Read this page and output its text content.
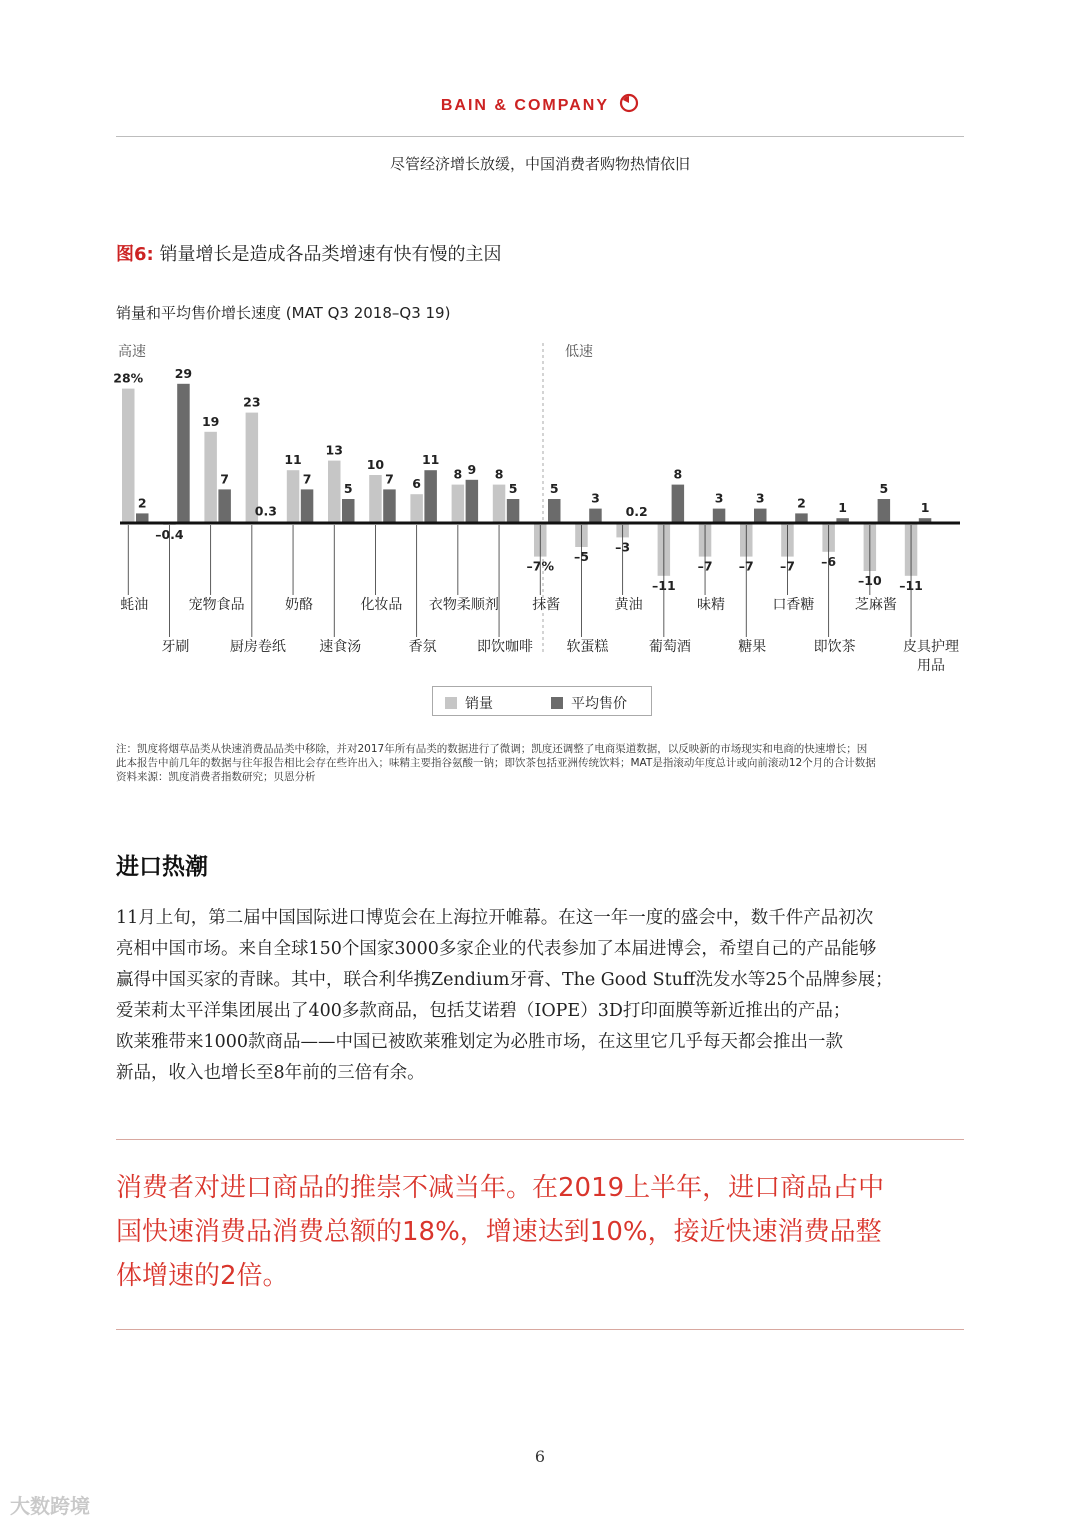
BAIN & COMPANY
尽管经济增长放缓，中国消费者购物热情依旧
图6: 销量增长是造成各品类增速有快有慢的主因
销量和平均售价增长速度 (MAT Q3 2018–Q3 19)
高速	低速
28%
2
蚝油
–0.4
29
牙刷
19
7
宠物食品
23
0.3
厨房卷纸
11
7
奶酪
13
5
速食汤
10
7
化妆品
6
11
香氛
8 9
衣物柔顺剂
8
5
即饮咖啡
–7%
5
抹酱
–5
3
软蛋糕
–3
0.2
黄油
–11
8
葡萄酒
–7
3
味精
–7
3
糖果
–7
2
口香糖
–6
1
即饮茶
–10
5
芝麻酱
–11
1
皮具护理
用品
销量	平均售价
注：凯度将烟草品类从快速消费品品类中移除，并对2017年所有品类的数据进行了微调；凯度还调整了电商渠道数据，以反映新的市场现实和电商的快速增长；因
此本报告中前几年的数据与往年报告相比会存在些许出入；味精主要指谷氨酸一钠；即饮茶包括亚洲传统饮料；MAT是指滚动年度总计或向前滚动12个月的合计数据
资料来源：凯度消费者指数研究；贝恩分析
进口热潮
11月上旬，第二届中国国际进口博览会在上海拉开帷幕。在这一年一度的盛会中，数千件产品初次
亮相中国市场。来自全球150个国家3000多家企业的代表参加了本届进博会，希望自己的产品能够
赢得中国买家的青睐。其中，联合利华携Zendium牙膏、The Good Stuff洗发水等25个品牌参展；
爱茉莉太平洋集团展出了400多款商品，包括艾诺碧（IOPE）3D打印面膜等新近推出的产品；
欧莱雅带来1000款商品——中国已被欧莱雅划定为必胜市场，在这里它几乎每天都会推出一款
新品，收入也增长至8年前的三倍有余。
消费者对进口商品的推崇不减当年。在2019上半年，进口商品占中
国快速消费品消费总额的18%，增速达到10%，接近快速消费品整
体增速的2倍。
6
大数跨境
